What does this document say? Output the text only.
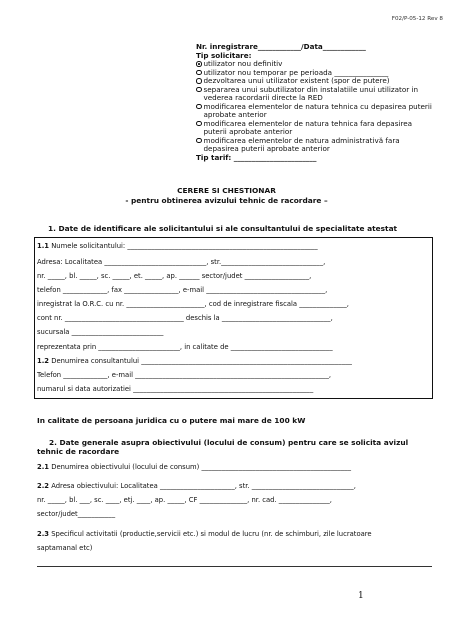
F02/P-05-12 Rev 8
Nr. inregistrare____________/Data____________
Tip solicitare:
utilizator nou definitiv
utilizator nou temporar pe perioada _______________
dezvoltarea unui utilizator existent (spor de putere)
separarea unui subutilizator din instalatiile unui utilizator in vederea racordarii directe la RED
modificarea elementelor de natura tehnica cu depasirea puterii aprobate anterior
modificarea elementelor de natura tehnica fara depasirea puterii aprobate anterior
modificarea elementelor de natura administrativă fara depasirea puterii aprobate anterior
Tip tarif: _______________________
CERERE SI CHESTIONAR
- pentru obtinerea avizului tehnic de racordare –
1. Date de identificare ale solicitantului si ale consultantului de specialitate atestat
1.1 Numele solicitantului: ________________________________________________________
Adresa: Localitatea ______________________________, str.______________________________,
nr. _____, bl. _____, sc. _____, et. _____, ap. ______ sector/judet ___________________,
telefon _____________, fax ________________, e-mail ___________________________________,
inregistrat la O.R.C. cu nr. _______________________, cod de inregistrare fiscala ______________,
cont nr. ___________________________________ deschis la ________________________________,
sucursala ___________________________
reprezentata prin ________________________, in calitate de ______________________________
1.2 Denumirea consultantului ______________________________________________________________
Telefon _____________, e-mail _________________________________________________________,
numarul si data autorizatiei _____________________________________________________
In calitate de persoana juridica cu o putere mai mare de 100 kW
2. Date generale asupra obiectivului (locului de consum) pentru care se solicita avizul tehnic de racordare
2.1 Denumirea obiectivului (locului de consum) ____________________________________________
2.2 Adresa obiectivului: Localitatea ______________________, str. ______________________________,
nr. _____, bl. ___, sc. ____, etj. ____, ap. _____, CF ______________, nr. cad. _______________,
sector/judet___________
2.3 Specificul activitatii (productie,servicii etc.) si modul de lucru (nr. de schimburi, zile lucratoare
saptamanal etc)
1
